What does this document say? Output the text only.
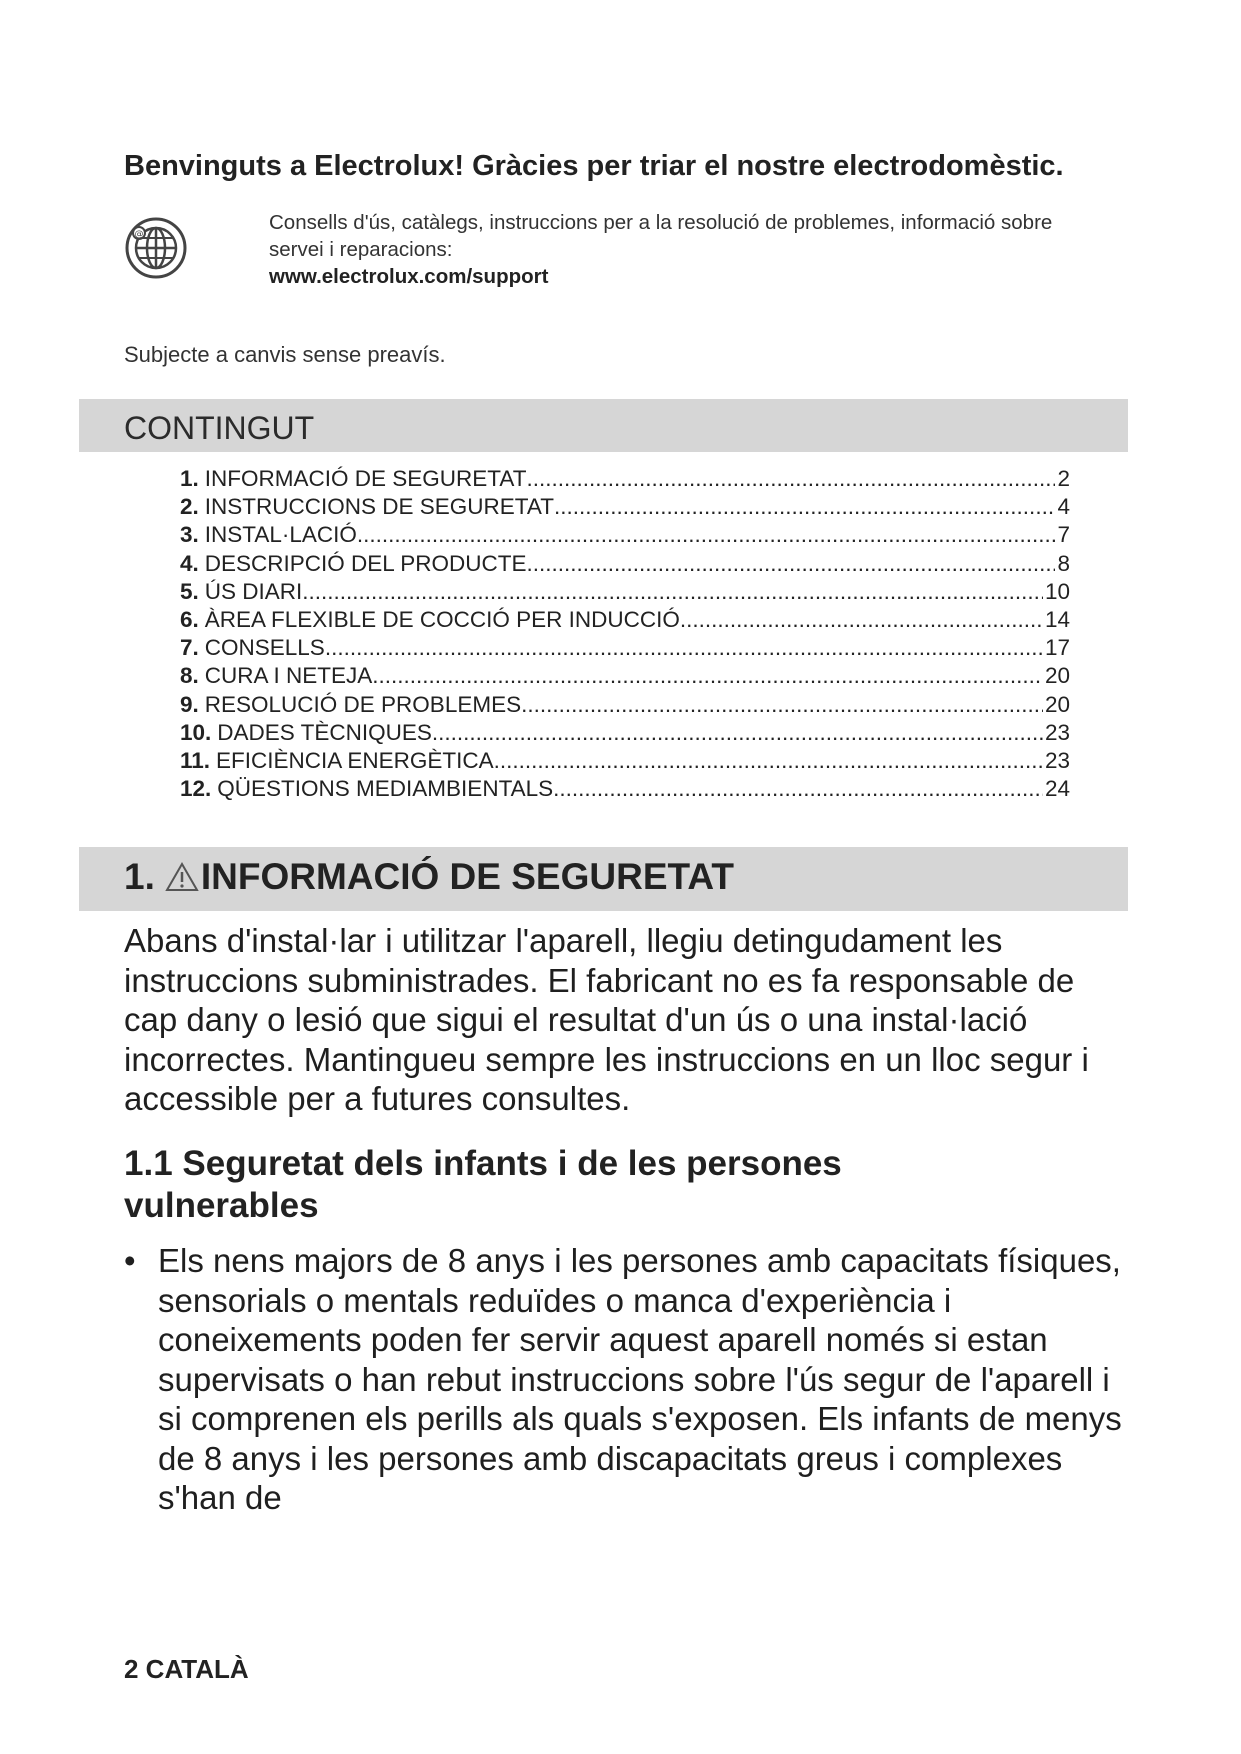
Benvinguts a Electrolux! Gràcies per triar el nostre electrodomèstic.
@
Consells d'ús, catàlegs, instruccions per a la resolució de problemes, informació sobre servei i reparacions:
www.electrolux.com/support
Subjecte a canvis sense preavís.
CONTINGUT
1. INFORMACIÓ DE SEGURETAT .....	2
2. INSTRUCCIONS DE SEGURETAT .....	4
3. INSTAL·LACIÓ .....	7
4. DESCRIPCIÓ DEL PRODUCTE .....	8
5. ÚS DIARI .....	10
6. ÀREA FLEXIBLE DE COCCIÓ PER INDUCCIÓ .....	14
7. CONSELLS .....	17
8. CURA I NETEJA .....	20
9. RESOLUCIÓ DE PROBLEMES .....	20
10. DADES TÈCNIQUES .....	23
11. EFICIÈNCIA ENERGÈTICA .....	23
12. QÜESTIONS MEDIAMBIENTALS .....	24
1. INFORMACIÓ DE SEGURETAT
Abans d'instal·lar i utilitzar l'aparell, llegiu detingudament les instruccions subministrades. El fabricant no es fa responsable de cap dany o lesió que sigui el resultat d'un ús o una instal·lació incorrectes. Mantingueu sempre les instruccions en un lloc segur i accessible per a futures consultes.
1.1 Seguretat dels infants i de les persones vulnerables
• Els nens majors de 8 anys i les persones amb capacitats físiques, sensorials o mentals reduïdes o manca d'experiència i coneixements poden fer servir aquest aparell només si estan supervisats o han rebut instruccions sobre l'ús segur de l'aparell i si comprenen els perills als quals s'exposen. Els infants de menys de 8 anys i les persones amb discapacitats greus i complexes s'han de
2 CATALÀ
